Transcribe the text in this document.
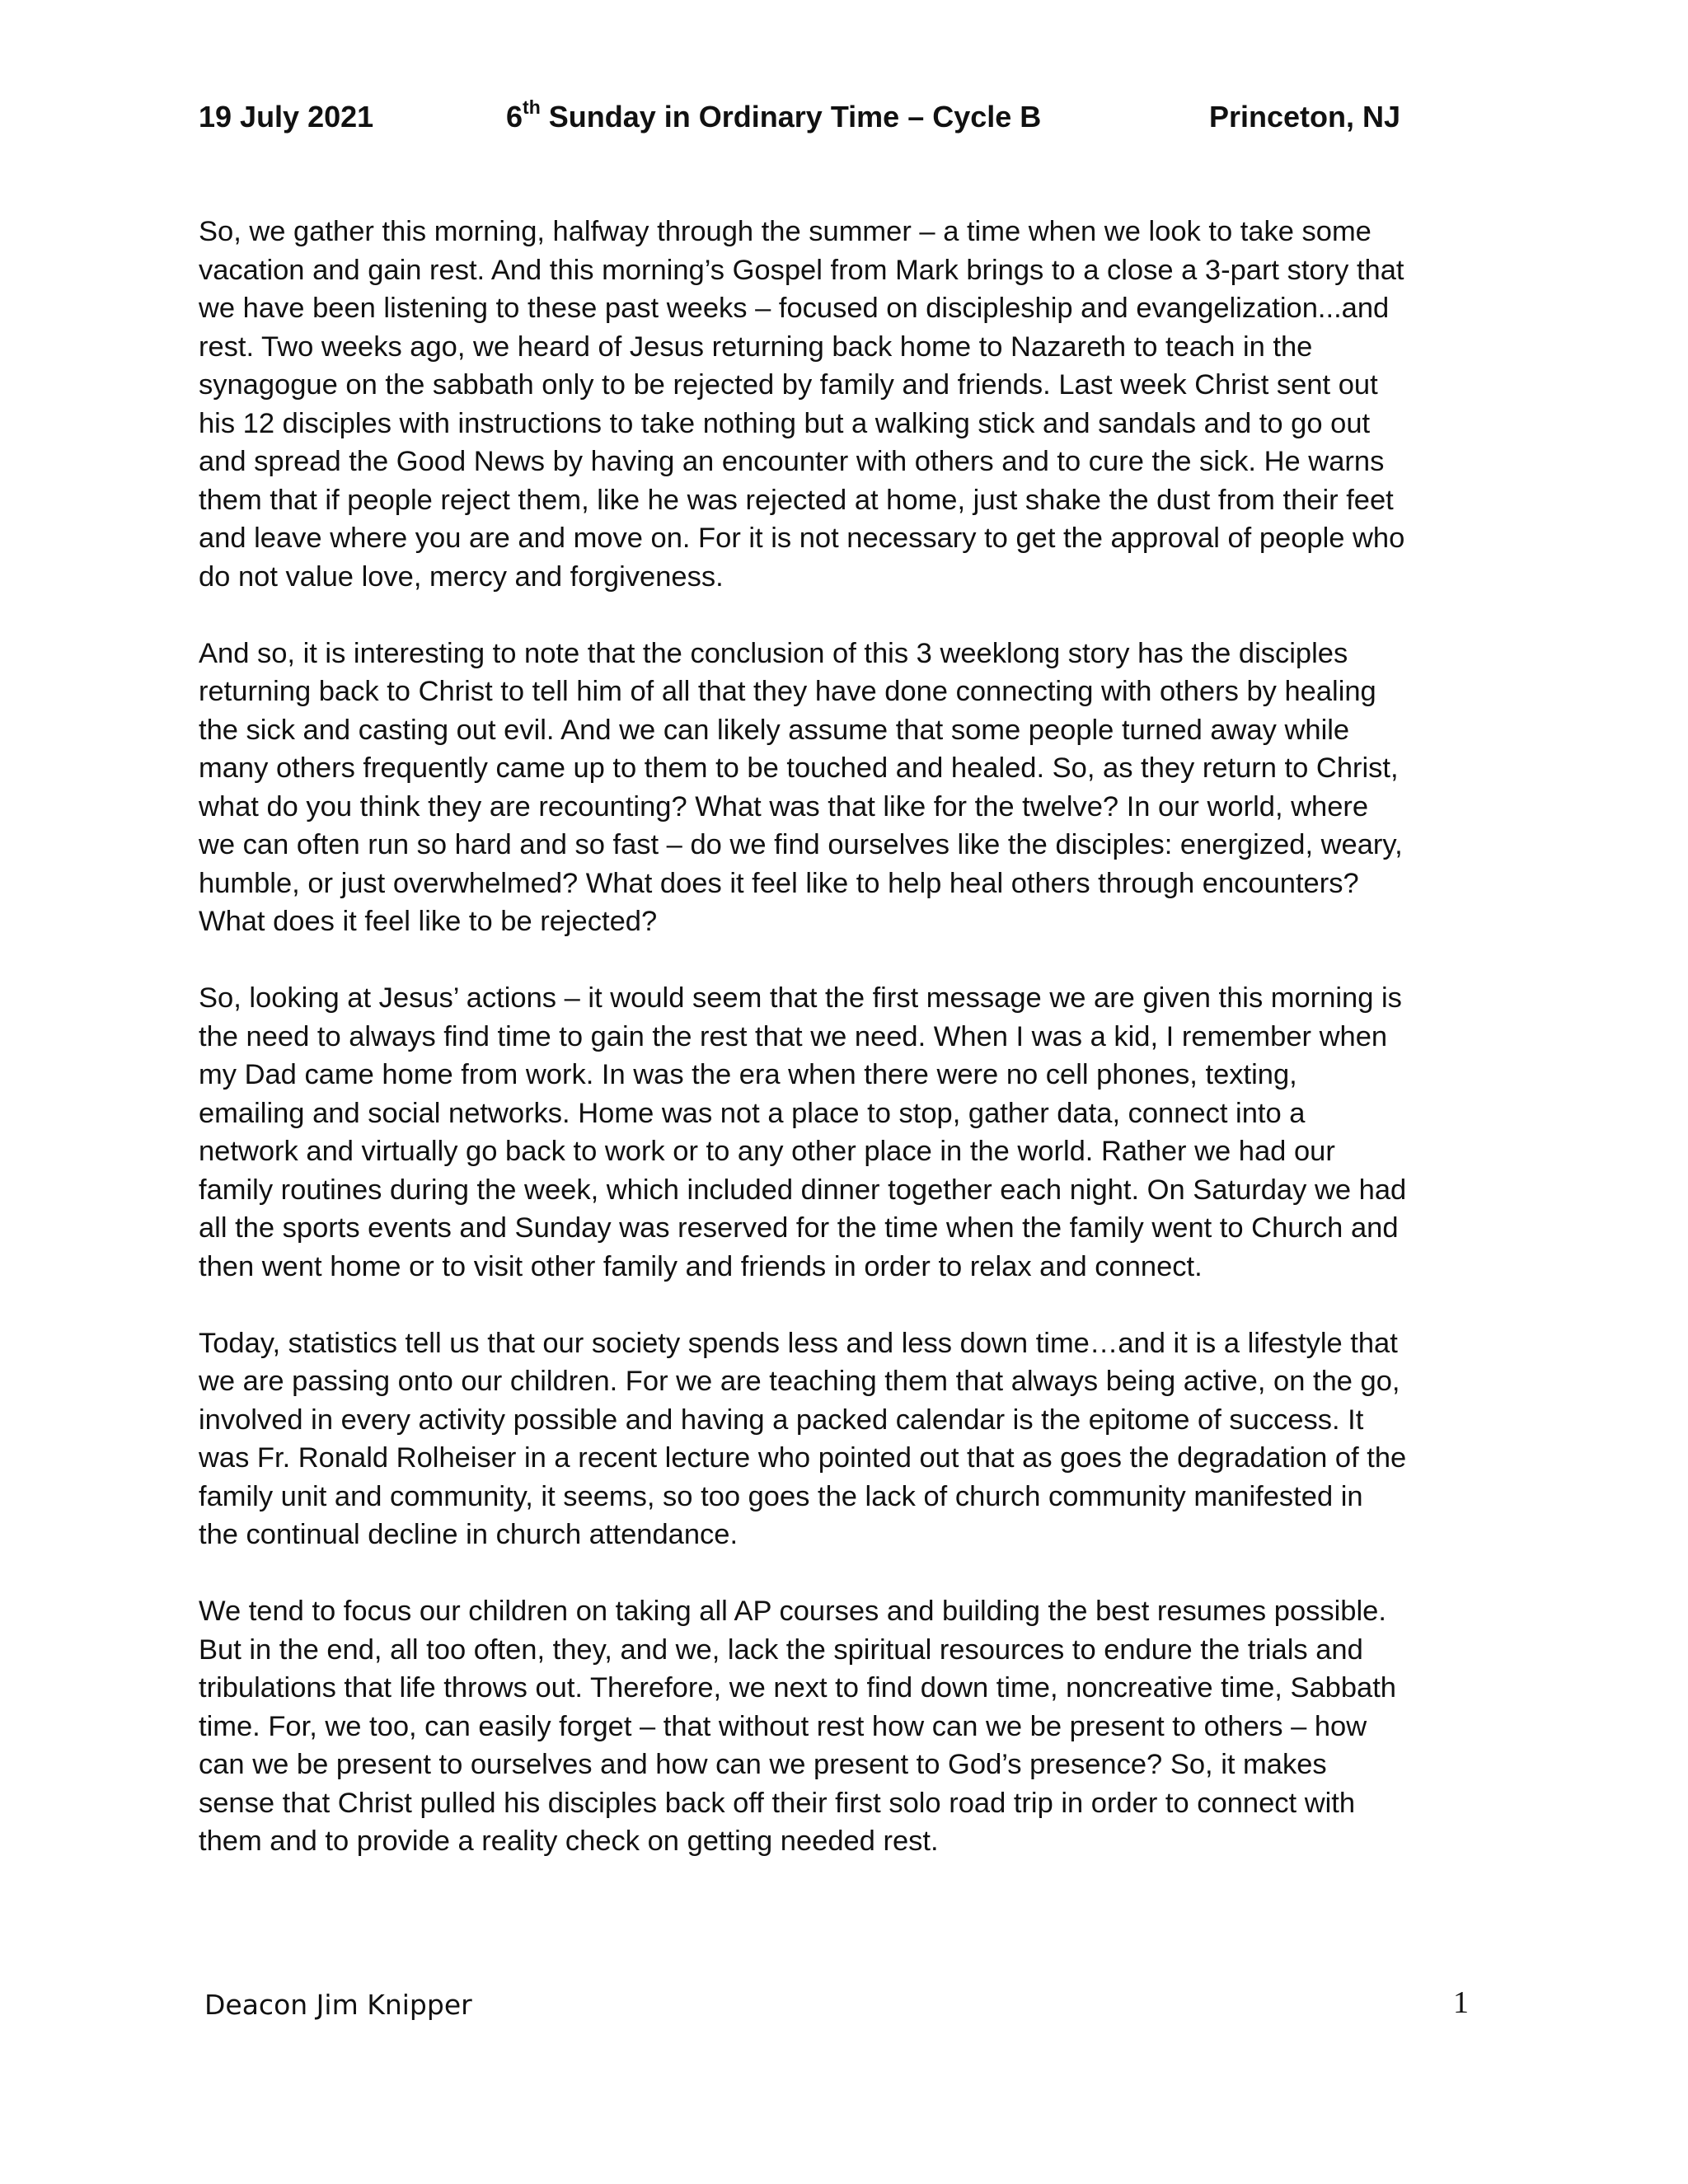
19 July 2021	6th Sunday in Ordinary Time – Cycle B	Princeton, NJ

So, we gather this morning, halfway through the summer – a time when we look to take some
vacation and gain rest. And this morning’s Gospel from Mark brings to a close a 3-part story that
we have been listening to these past weeks – focused on discipleship and evangelization...and
rest. Two weeks ago, we heard of Jesus returning back home to Nazareth to teach in the
synagogue on the sabbath only to be rejected by family and friends. Last week Christ sent out
his 12 disciples with instructions to take nothing but a walking stick and sandals and to go out
and spread the Good News by having an encounter with others and to cure the sick. He warns
them that if people reject them, like he was rejected at home, just shake the dust from their feet
and leave where you are and move on. For it is not necessary to get the approval of people who
do not value love, mercy and forgiveness.

And so, it is interesting to note that the conclusion of this 3 weeklong story has the disciples
returning back to Christ to tell him of all that they have done connecting with others by healing
the sick and casting out evil. And we can likely assume that some people turned away while
many others frequently came up to them to be touched and healed. So, as they return to Christ,
what do you think they are recounting? What was that like for the twelve? In our world, where
we can often run so hard and so fast – do we find ourselves like the disciples: energized, weary,
humble, or just overwhelmed? What does it feel like to help heal others through encounters?
What does it feel like to be rejected?

So, looking at Jesus’ actions – it would seem that the first message we are given this morning is
the need to always find time to gain the rest that we need. When I was a kid, I remember when
my Dad came home from work. In was the era when there were no cell phones, texting,
emailing and social networks. Home was not a place to stop, gather data, connect into a
network and virtually go back to work or to any other place in the world. Rather we had our
family routines during the week, which included dinner together each night. On Saturday we had
all the sports events and Sunday was reserved for the time when the family went to Church and
then went home or to visit other family and friends in order to relax and connect.

Today, statistics tell us that our society spends less and less down time…and it is a lifestyle that
we are passing onto our children. For we are teaching them that always being active, on the go,
involved in every activity possible and having a packed calendar is the epitome of success. It
was Fr. Ronald Rolheiser in a recent lecture who pointed out that as goes the degradation of the
family unit and community, it seems, so too goes the lack of church community manifested in
the continual decline in church attendance.

We tend to focus our children on taking all AP courses and building the best resumes possible.
But in the end, all too often, they, and we, lack the spiritual resources to endure the trials and
tribulations that life throws out. Therefore, we next to find down time, noncreative time, Sabbath
time. For, we too, can easily forget – that without rest how can we be present to others – how
can we be present to ourselves and how can we present to God’s presence? So, it makes
sense that Christ pulled his disciples back off their first solo road trip in order to connect with
them and to provide a reality check on getting needed rest.

Deacon Jim Knipper	1
